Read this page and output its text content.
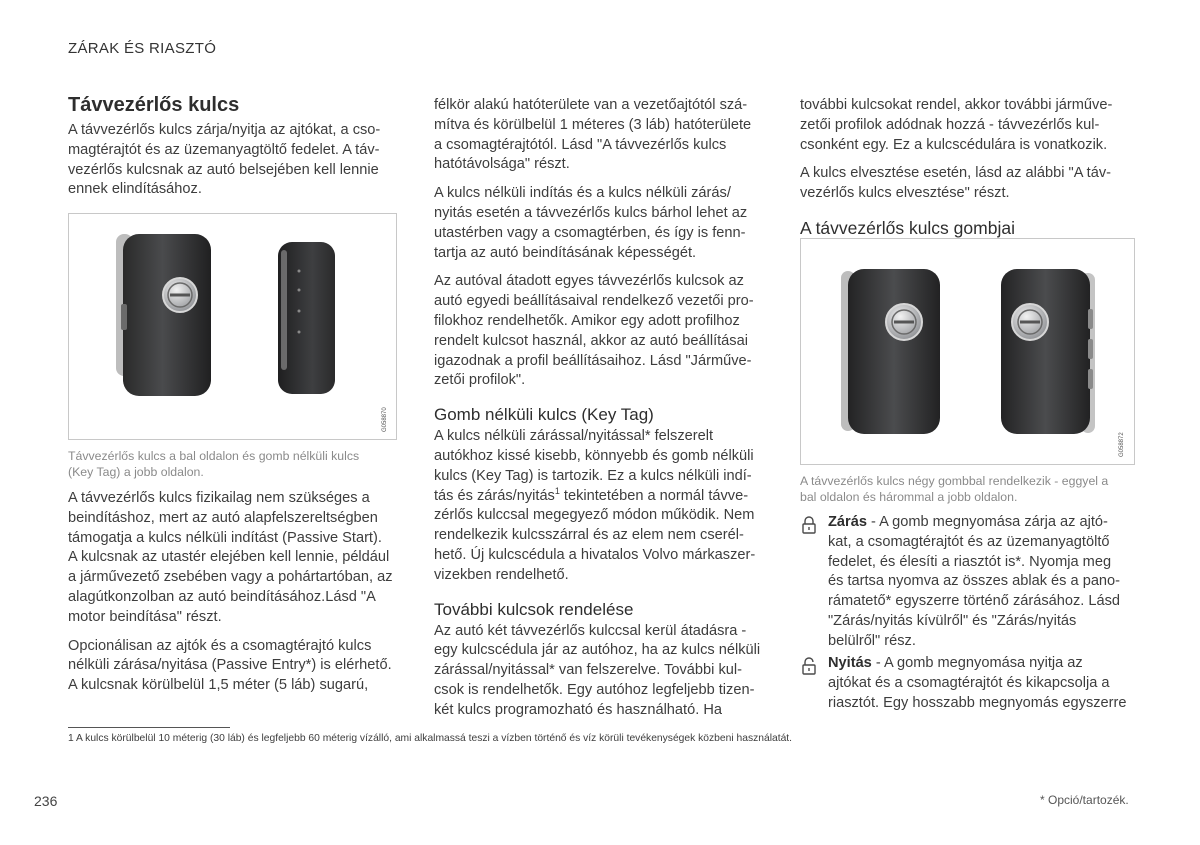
ZÁRAK ÉS RIASZTÓ
Távvezérlős kulcs

A távvezérlős kulcs zárja/nyitja az ajtókat, a cso-
magtérajtót és az üzemanyagtöltő fedelet. A táv-
vezérlős kulcsnak az autó belsejében kell lennie
ennek elindításához.

G058870
Távvezérlős kulcs a bal oldalon és gomb nélküli kulcs
(Key Tag) a jobb oldalon.

A távvezérlős kulcs fizikailag nem szükséges a
beindításhoz, mert az autó alapfelszereltségben
támogatja a kulcs nélküli indítást (Passive Start).
A kulcsnak az utastér elejében kell lennie, például
a járművezető zsebében vagy a pohártartóban, az
alagútkonzolban az autó beindításához.Lásd "A
motor beindítása" részt.

Opcionálisan az ajtók és a csomagtérajtó kulcs
nélküli zárása/nyitása (Passive Entry*) is elérhető.
A kulcsnak körülbelül 1,5 méter (5 láb) sugarú,

félkör alakú hatóterülete van a vezetőajtótól szá-
mítva és körülbelül 1 méteres (3 láb) hatóterülete
a csomagtérajtótól. Lásd "A távvezérlős kulcs
hatótávolsága" részt.

A kulcs nélküli indítás és a kulcs nélküli zárás/
nyitás esetén a távvezérlős kulcs bárhol lehet az
utastérben vagy a csomagtérben, és így is fenn-
tartja az autó beindításának képességét.

Az autóval átadott egyes távvezérlős kulcsok az
autó egyedi beállításaival rendelkező vezetői pro-
filokhoz rendelhetők. Amikor egy adott profilhoz
rendelt kulcsot használ, akkor az autó beállításai
igazodnak a profil beállításaihoz. Lásd "Járműve-
zetői profilok".

Gomb nélküli kulcs (Key Tag)

A kulcs nélküli zárással/nyitással* felszerelt
autókhoz kissé kisebb, könnyebb és gomb nélküli
kulcs (Key Tag) is tartozik. Ez a kulcs nélküli indí-
tás és zárás/nyitás$^1$ tekintetében a normál távve-
zérlős kulccsal megegyező módon működik. Nem
rendelkezik kulcsszárral és az elem nem cserél-
hető. Új kulcscédula a hivatalos Volvo márkaszer-
vizekben rendelhető.

További kulcsok rendelése

Az autó két távvezérlős kulccsal kerül átadásra -
egy kulcscédula jár az autóhoz, ha az kulcs nélküli
zárással/nyitással* van felszerelve. További kul-
csok is rendelhetők. Egy autóhoz legfeljebb tizen-
két kulcs programozható és használható. Ha

további kulcsokat rendel, akkor további járműve-
zetői profilok adódnak hozzá - távvezérlős kul-
csonként egy. Ez a kulcscédulára is vonatkozik.

A kulcs elvesztése esetén, lásd az alábbi "A táv-
vezérlős kulcs elvesztése" részt.

A távvezérlős kulcs gombjai
G058872
A távvezérlős kulcs négy gombbal rendelkezik - eggyel a
bal oldalon és hárommal a jobb oldalon.

Zárás - A gomb megnyomása zárja az ajtó-
kat, a csomagtérajtót és az üzemanyagtöltő
fedelet, és élesíti a riasztót is*. Nyomja meg
és tartsa nyomva az összes ablak és a pano-
rámatető* egyszerre történő zárásához. Lásd
"Zárás/nyitás kívülről" és "Zárás/nyitás
belülről" rész.

Nyitás - A gomb megnyomása nyitja az
ajtókat és a csomagtérajtót és kikapcsolja a
riasztót. Egy hosszabb megnyomás egyszerre

1 A kulcs körülbelül 10 méterig (30 láb) és legfeljebb 60 méterig vízálló, ami alkalmassá teszi a vízben történő és víz körüli tevékenységek közbeni használatát.
236	* Opció/tartozék.
